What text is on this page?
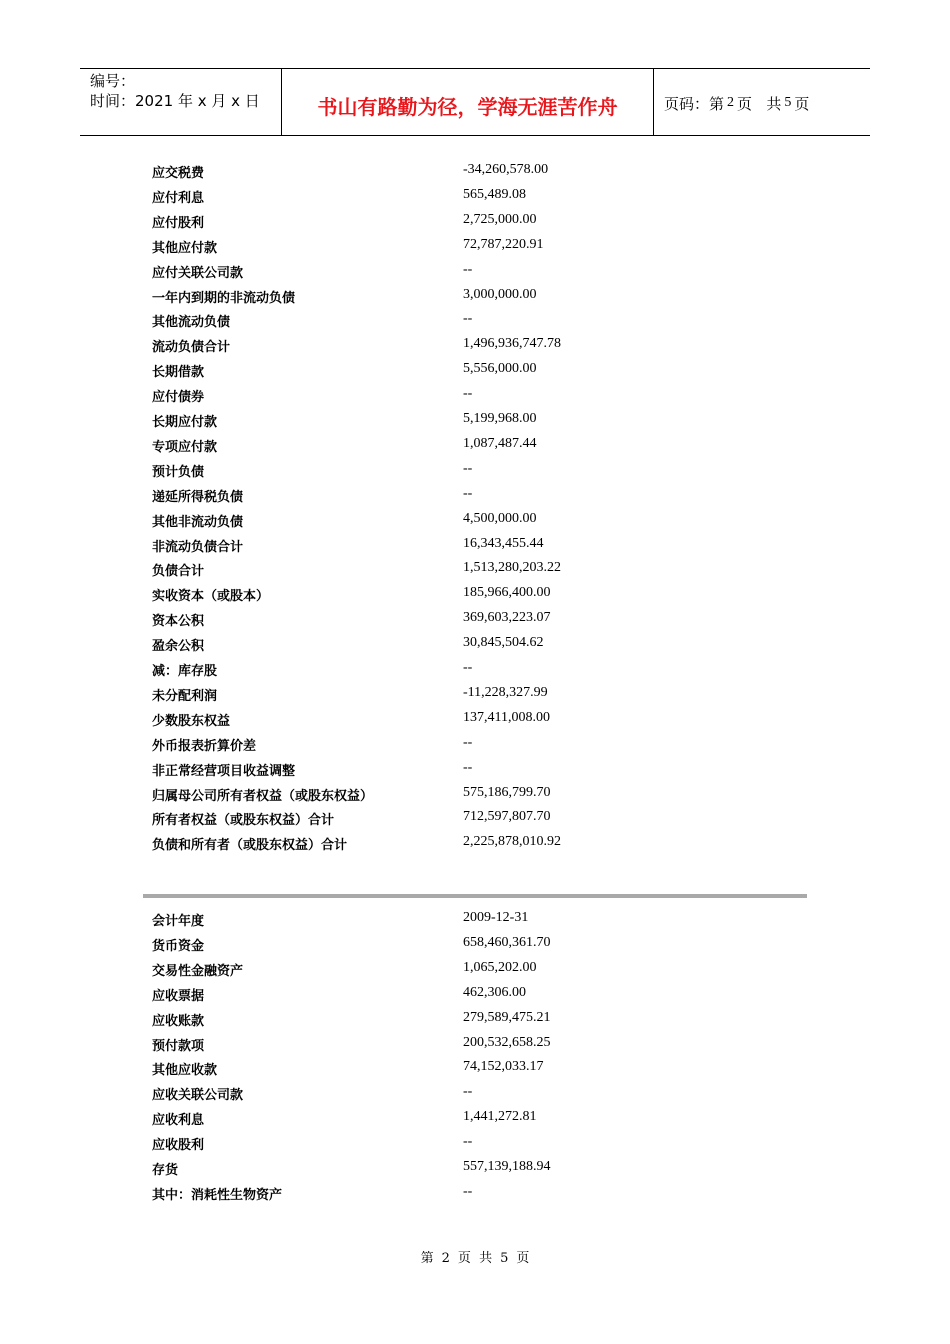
编号：
时间：2021 年 x 月 x 日	书山有路勤为径，学海无涯苦作舟	页码：第 2 页   共 5 页
应交税费	-34,260,578.00
应付利息	565,489.08
应付股利	2,725,000.00
其他应付款	72,787,220.91
应付关联公司款	--
一年内到期的非流动负债	3,000,000.00
其他流动负债	--
流动负债合计	1,496,936,747.78
长期借款	5,556,000.00
应付债券	--
长期应付款	5,199,968.00
专项应付款	1,087,487.44
预计负债	--
递延所得税负债	--
其他非流动负债	4,500,000.00
非流动负债合计	16,343,455.44
负债合计	1,513,280,203.22
实收资本（或股本）	185,966,400.00
资本公积	369,603,223.07
盈余公积	30,845,504.62
减：库存股	--
未分配利润	-11,228,327.99
少数股东权益	137,411,008.00
外币报表折算价差	--
非正常经营项目收益调整	--
归属母公司所有者权益（或股东权益）	575,186,799.70
所有者权益（或股东权益）合计	712,597,807.70
负债和所有者（或股东权益）合计	2,225,878,010.92
会计年度	2009-12-31
货币资金	658,460,361.70
交易性金融资产	1,065,202.00
应收票据	462,306.00
应收账款	279,589,475.21
预付款项	200,532,658.25
其他应收款	74,152,033.17
应收关联公司款	--
应收利息	1,441,272.81
应收股利	--
存货	557,139,188.94
其中：消耗性生物资产	--
第 2 页  共 5 页
